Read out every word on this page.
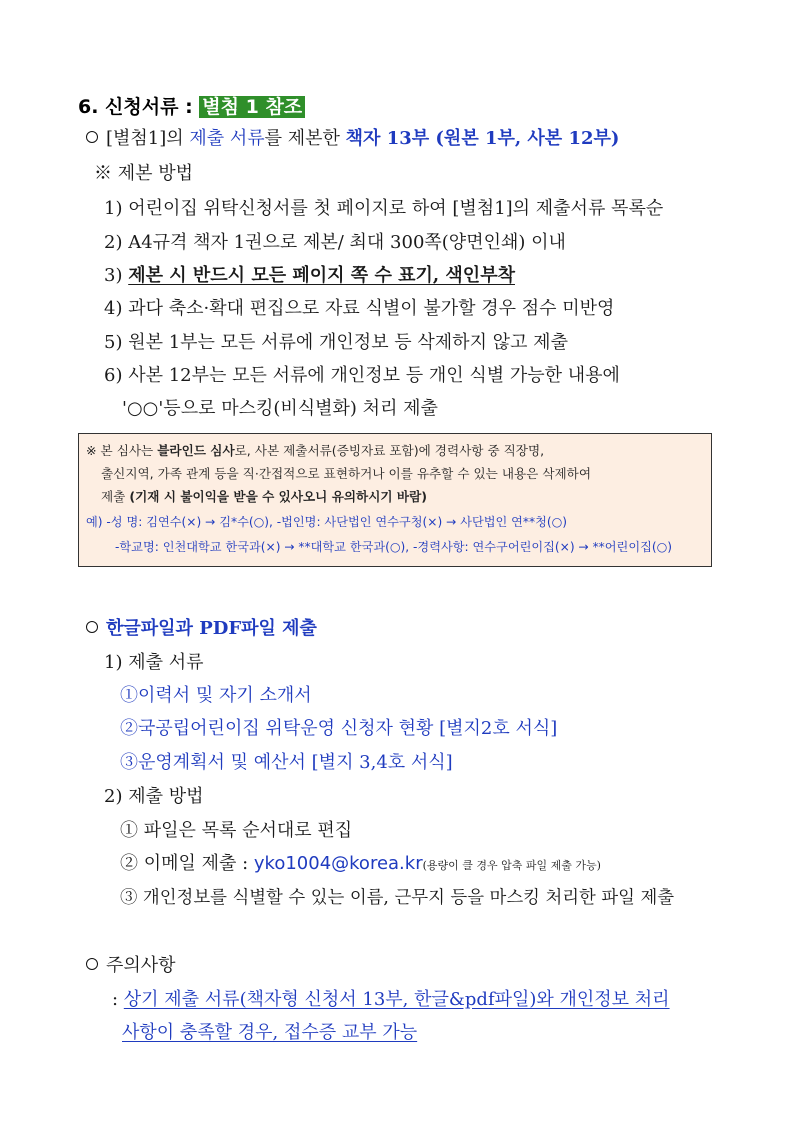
6. 신청서류 : 별첨 1 참조
[별첨1]의 제출 서류를 제본한 책자 13부 (원본 1부, 사본 12부)
※ 제본 방법
1) 어린이집 위탁신청서를 첫 페이지로 하여 [별첨1]의 제출서류 목록순
2) A4규격 책자 1권으로 제본/ 최대 300쪽(양면인쇄) 이내
3) 제본 시 반드시 모든 페이지 쪽 수 표기, 색인부착
4) 과다 축소·확대 편집으로 자료 식별이 불가할 경우 점수 미반영
5) 원본 1부는 모든 서류에 개인정보 등 삭제하지 않고 제출
6) 사본 12부는 모든 서류에 개인정보 등 개인 식별 가능한 내용에
'○○'등으로 마스킹(비식별화) 처리 제출
※ 본 심사는 블라인드 심사로, 사본 제출서류(증빙자료 포함)에 경력사항 중 직장명,
출신지역, 가족 관계 등을 직·간접적으로 표현하거나 이를 유추할 수 있는 내용은 삭제하여
제출 (기재 시 불이익을 받을 수 있사오니 유의하시기 바람)
예) -성 명: 김연수(×) → 김*수(○), -법인명: 사단법인 연수구청(×) → 사단법인 연**청(○)
-학교명: 인천대학교 한국과(×) → **대학교 한국과(○), -경력사항: 연수구어린이집(×) → **어린이집(○)
한글파일과 PDF파일 제출
1) 제출 서류
①이력서 및 자기 소개서
②국공립어린이집 위탁운영 신청자 현황 [별지2호 서식]
③운영계획서 및 예산서 [별지 3,4호 서식]
2) 제출 방법
① 파일은 목록 순서대로 편집
② 이메일 제출 : yko1004@korea.kr(용량이 클 경우 압축 파일 제출 가능)
③ 개인정보를 식별할 수 있는 이름, 근무지 등을 마스킹 처리한 파일 제출
주의사항
: 상기 제출 서류(책자형 신청서 13부, 한글&pdf파일)와 개인정보 처리
사항이 충족할 경우, 접수증 교부 가능
